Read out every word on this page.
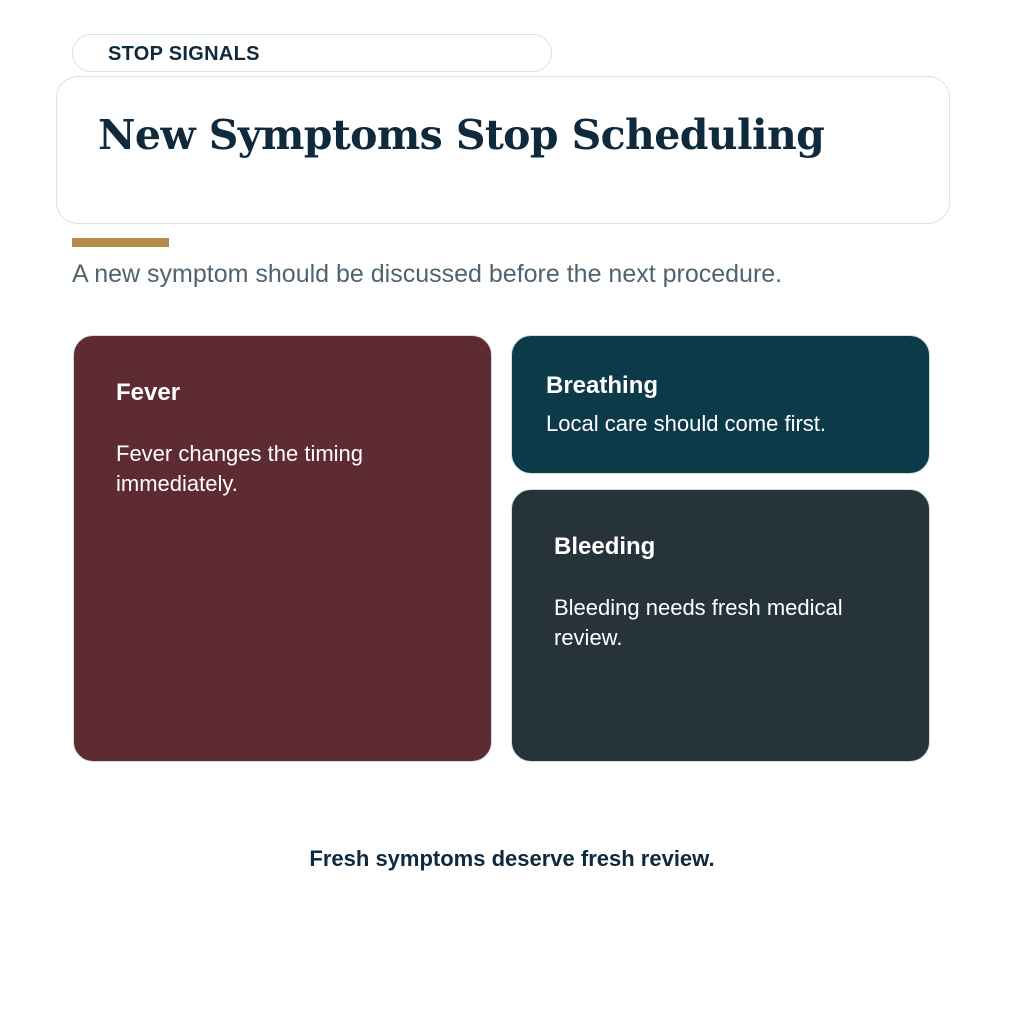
STOP SIGNALS
New Symptoms Stop Scheduling

A new symptom should be discussed before the next procedure.

Fever

Fever changes the timing immediately.

Breathing

Local care should come first.

Bleeding

Bleeding needs fresh medical review.

Fresh symptoms deserve fresh review.
